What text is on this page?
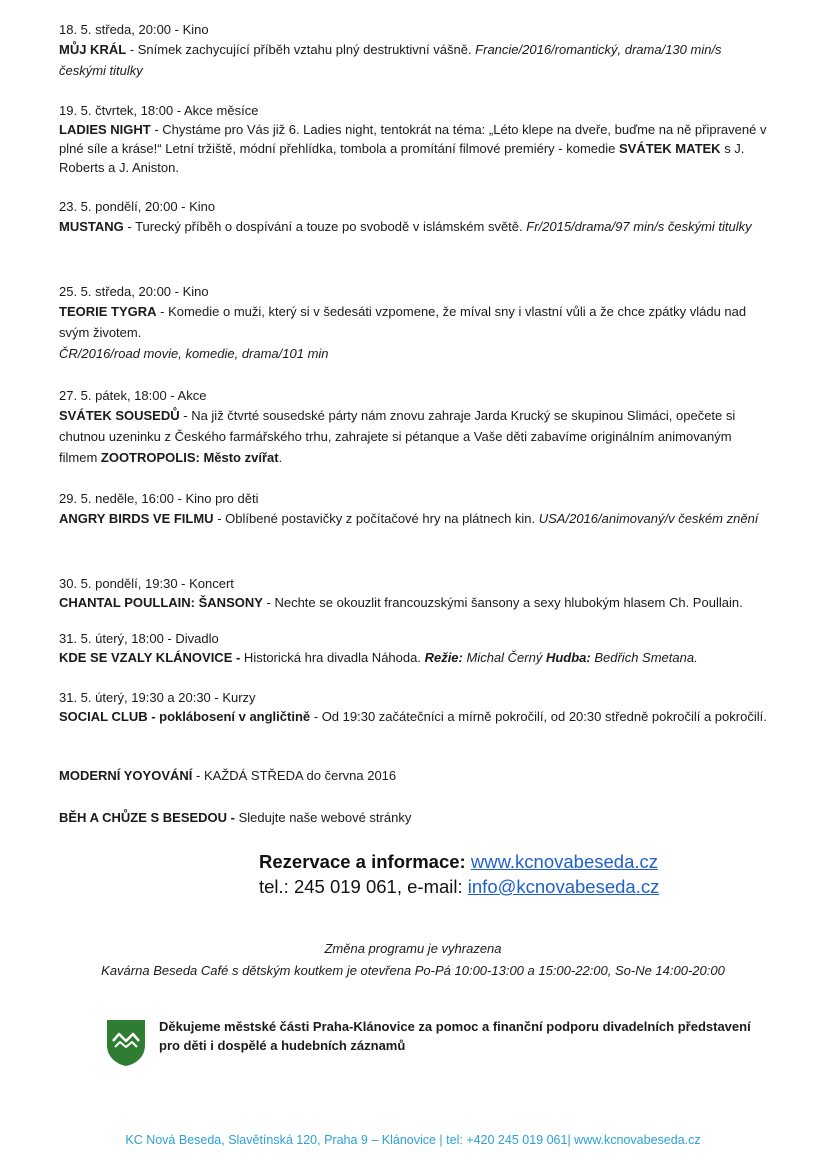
18. 5. středa, 20:00 - Kino

MŮJ KRÁL - Snímek zachycující příběh vztahu plný destruktivní vášně. Francie/2016/romantický, drama/130 min/s českými titulky

19. 5. čtvrtek, 18:00 - Akce měsíce

LADIES NIGHT - Chystáme pro Vás již 6. Ladies night, tentokrát na téma: „Léto klepe na dveře, buďme na ně připravené v plné síle a kráse!“ Letní tržiště, módní přehlídka, tombola a promítání filmové premiéry - komedie SVÁTEK MATEK s J. Roberts a J. Aniston.

23. 5. pondělí, 20:00 - Kino

MUSTANG - Turecký příběh o dospívání a touze po svobodě v islámském světě. Fr/2015/drama/97 min/s českými titulky

25. 5. středa, 20:00 - Kino

TEORIE TYGRA - Komedie o muži, který si v šedesáti vzpomene, že míval sny i vlastní vůli a že chce zpátky vládu nad svým životem.
ČR/2016/road movie, komedie, drama/101 min

27. 5. pátek, 18:00 - Akce

SVÁTEK SOUSEDŮ - Na již čtvrté sousedské párty nám znovu zahraje Jarda Krucký se skupinou Slimáci, opečete si chutnou uzeninku z Českého farmářského trhu, zahrajete si pétanque a Vaše děti zabavíme originálním animovaným filmem ZOOTROPOLIS: Město zvířat.

29. 5. neděle, 16:00 - Kino pro děti

ANGRY BIRDS VE FILMU - Oblíbené postavičky z počítačové hry na plátnech kin. USA/2016/animovaný/v českém znění

30. 5. pondělí, 19:30 - Koncert

CHANTAL POULLAIN: ŠANSONY - Nechte se okouzlit francouzskými šansony a sexy hlubokým hlasem Ch. Poullain.

31. 5. úterý, 18:00 - Divadlo

KDE SE VZALY KLÁNOVICE - Historická hra divadla Náhoda. Režie: Michal Černý Hudba: Bedřich Smetana.

31. 5. úterý, 19:30 a 20:30 - Kurzy

SOCIAL CLUB - poklábosení v angličtině - Od 19:30 začátečníci a mírně pokročilí, od 20:30 středně pokročilí a pokročilí.

MODERNÍ YOYOVÁNÍ - KAŽDÁ STŘEDA do června 2016

BĚH A CHŮZE S BESEDOU - Sledujte naše webové stránky

Rezervace a informace: www.kcnovabeseda.cz
tel.: 245 019 061, e-mail: info@kcnovabeseda.cz
Změna programu je vyhrazena
Kavárna Beseda Café s dětským koutkem je otevřena Po-Pá 10:00-13:00 a 15:00-22:00, So-Ne 14:00-20:00
Děkujeme městské části Praha-Klánovice za pomoc a finanční podporu divadelních představení pro děti i dospělé a hudebních záznamů
KC Nová Beseda, Slavětínská 120, Praha 9 – Klánovice | tel: +420 245 019 061| www.kcnovabeseda.cz
